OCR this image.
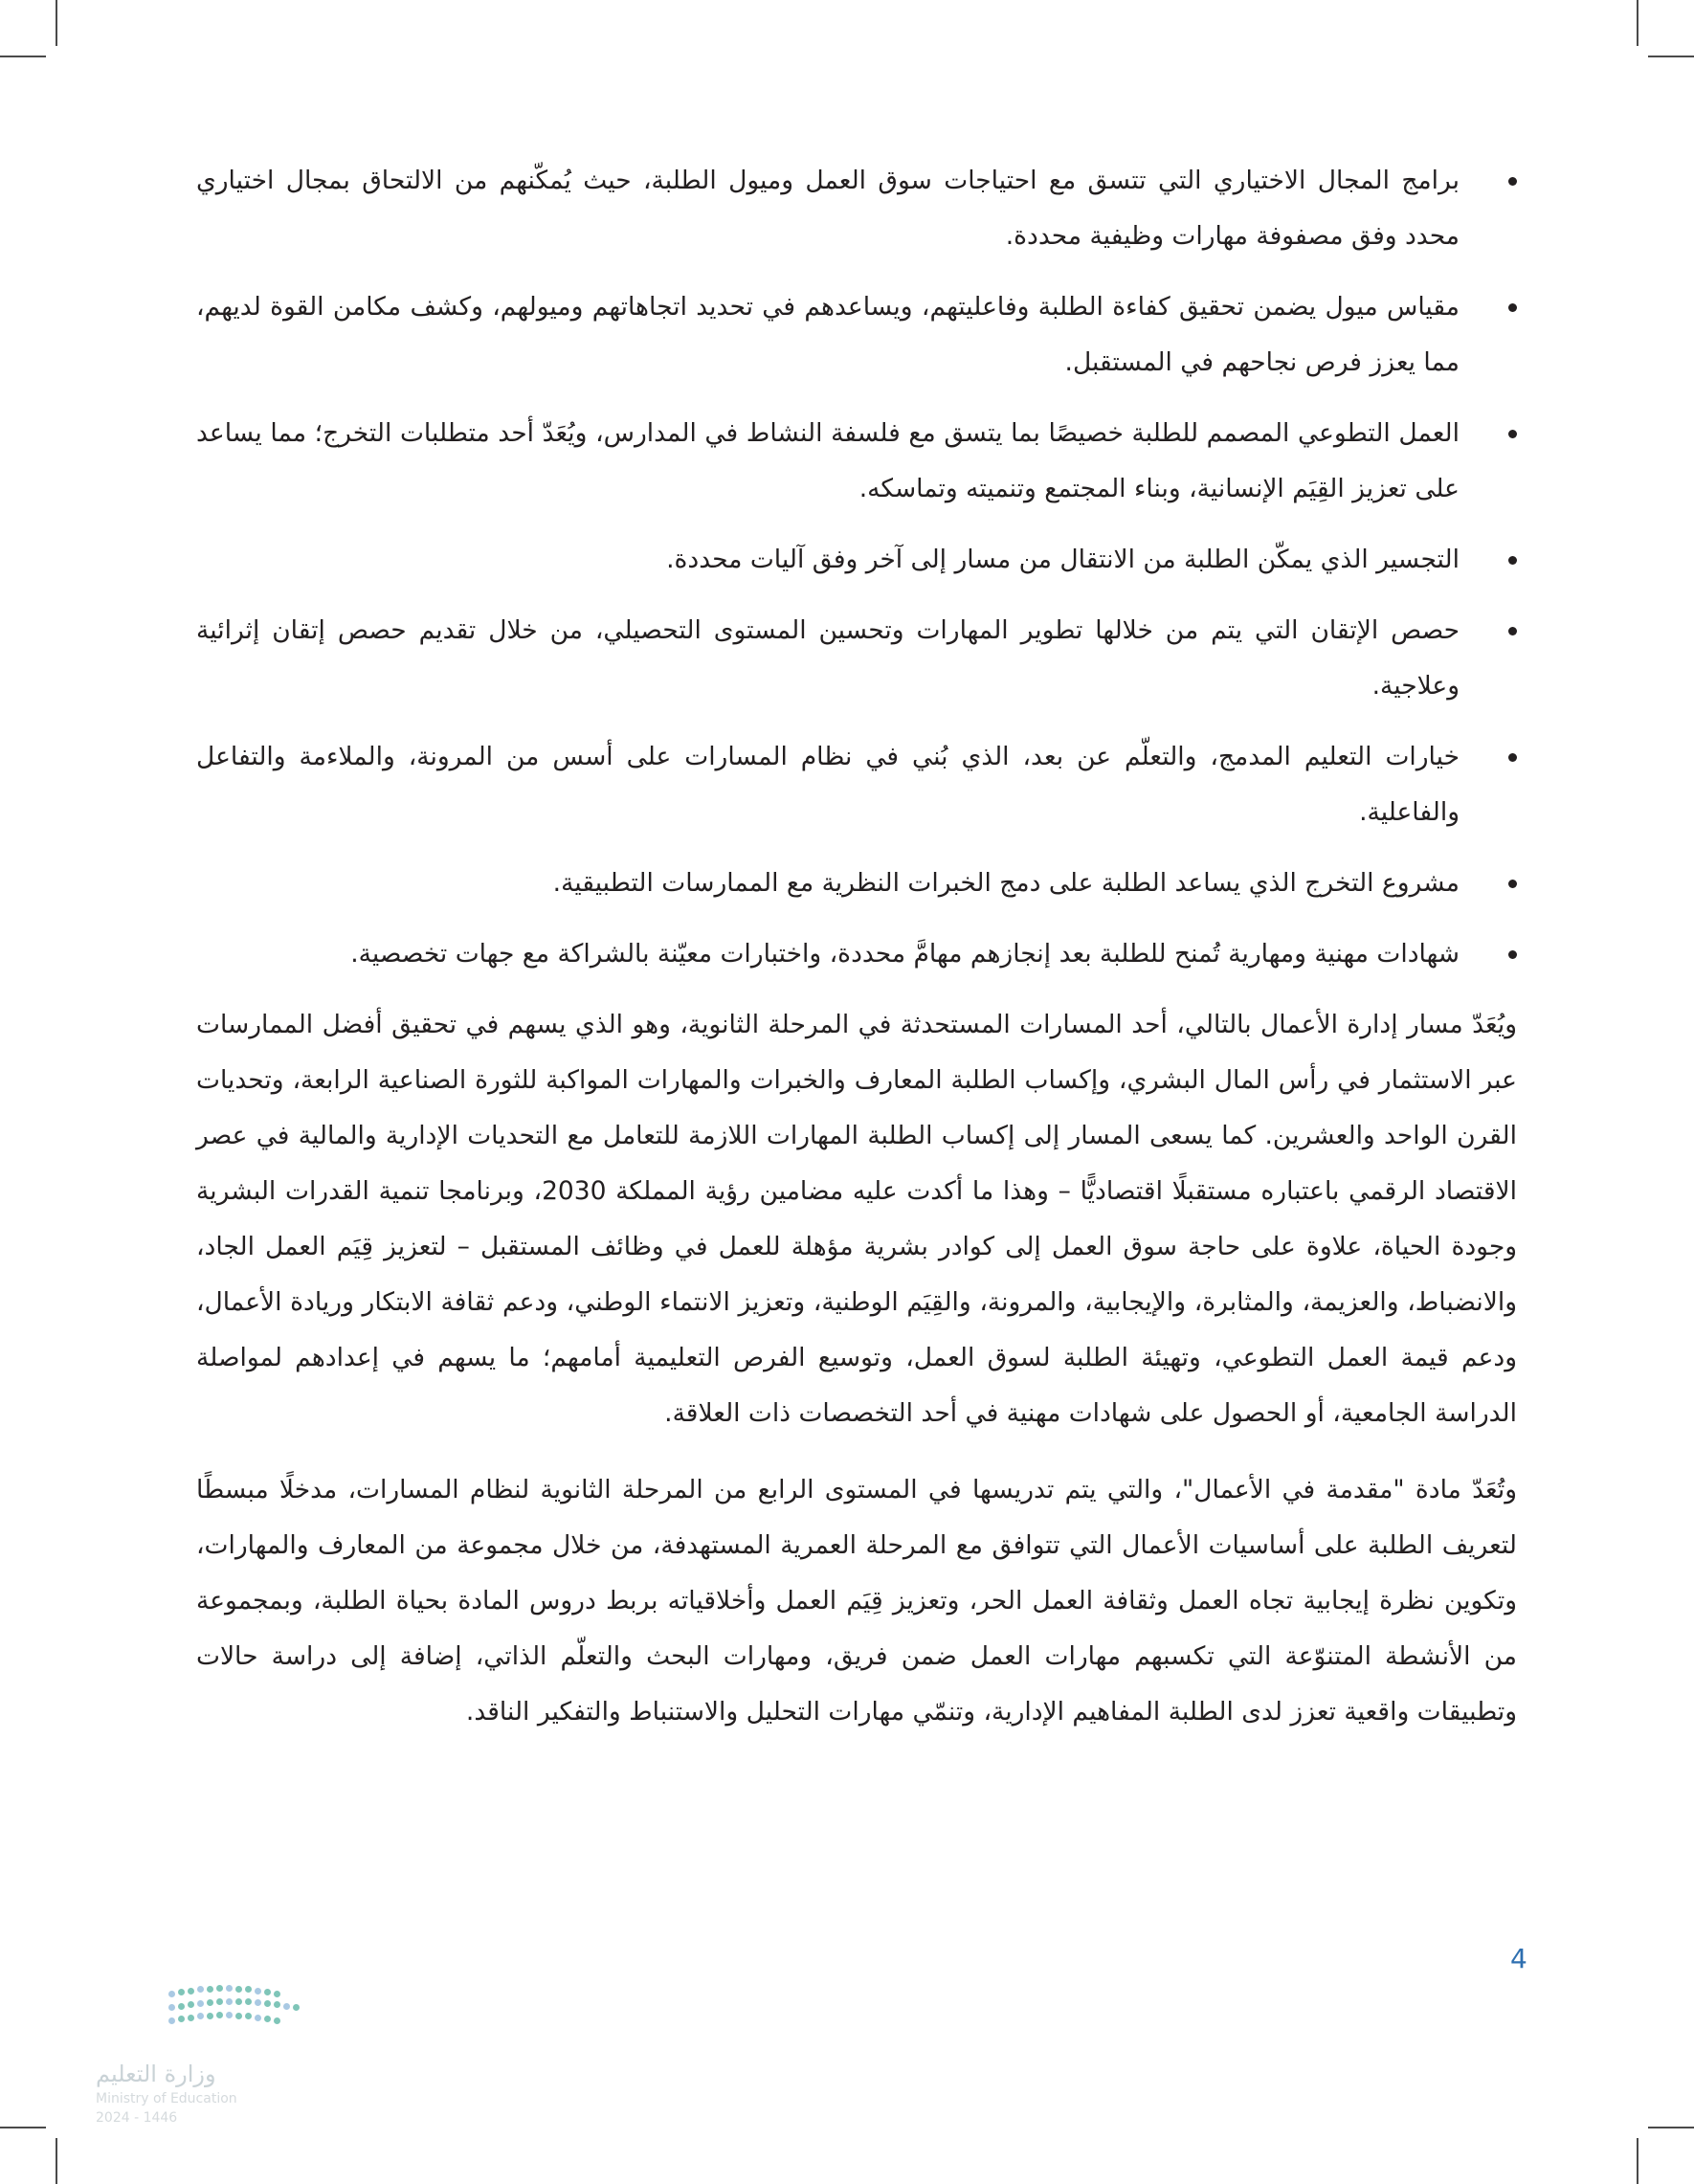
برامج المجال الاختياري التي تتسق مع احتياجات سوق العمل وميول الطلبة، حيث يُمكّنهم من الالتحاق بمجال اختياري محدد وفق مصفوفة مهارات وظيفية محددة.
مقياس ميول يضمن تحقيق كفاءة الطلبة وفاعليتهم، ويساعدهم في تحديد اتجاهاتهم وميولهم، وكشف مكامن القوة لديهم، مما يعزز فرص نجاحهم في المستقبل.
العمل التطوعي المصمم للطلبة خصيصًا بما يتسق مع فلسفة النشاط في المدارس، ويُعَدّ أحد متطلبات التخرج؛ مما يساعد على تعزيز القِيَم الإنسانية، وبناء المجتمع وتنميته وتماسكه.
التجسير الذي يمكّن الطلبة من الانتقال من مسار إلى آخر وفق آليات محددة.
حصص الإتقان التي يتم من خلالها تطوير المهارات وتحسين المستوى التحصيلي، من خلال تقديم حصص إتقان إثرائية وعلاجية.
خيارات التعليم المدمج، والتعلّم عن بعد، الذي بُني في نظام المسارات على أسس من المرونة، والملاءمة والتفاعل والفاعلية.
مشروع التخرج الذي يساعد الطلبة على دمج الخبرات النظرية مع الممارسات التطبيقية.
شهادات مهنية ومهارية تُمنح للطلبة بعد إنجازهم مهامَّ محددة، واختبارات معيّنة بالشراكة مع جهات تخصصية.

ويُعَدّ مسار إدارة الأعمال بالتالي، أحد المسارات المستحدثة في المرحلة الثانوية، وهو الذي يسهم في تحقيق أفضل الممارسات عبر الاستثمار في رأس المال البشري، وإكساب الطلبة المعارف والخبرات والمهارات المواكبة للثورة الصناعية الرابعة، وتحديات القرن الواحد والعشرين. كما يسعى المسار إلى إكساب الطلبة المهارات اللازمة للتعامل مع التحديات الإدارية والمالية في عصر الاقتصاد الرقمي باعتباره مستقبلًا اقتصاديًّا – وهذا ما أكدت عليه مضامين رؤية المملكة 2030، وبرنامجا تنمية القدرات البشرية وجودة الحياة، علاوة على حاجة سوق العمل إلى كوادر بشرية مؤهلة للعمل في وظائف المستقبل – لتعزيز قِيَم العمل الجاد، والانضباط، والعزيمة، والمثابرة، والإيجابية، والمرونة، والقِيَم الوطنية، وتعزيز الانتماء الوطني، ودعم ثقافة الابتكار وريادة الأعمال، ودعم قيمة العمل التطوعي، وتهيئة الطلبة لسوق العمل، وتوسيع الفرص التعليمية أمامهم؛ ما يسهم في إعدادهم لمواصلة الدراسة الجامعية، أو الحصول على شهادات مهنية في أحد التخصصات ذات العلاقة.

وتُعَدّ مادة "مقدمة في الأعمال"، والتي يتم تدريسها في المستوى الرابع من المرحلة الثانوية لنظام المسارات، مدخلًا مبسطًا لتعريف الطلبة على أساسيات الأعمال التي تتوافق مع المرحلة العمرية المستهدفة، من خلال مجموعة من المعارف والمهارات، وتكوين نظرة إيجابية تجاه العمل وثقافة العمل الحر، وتعزيز قِيَم العمل وأخلاقياته بربط دروس المادة بحياة الطلبة، وبمجموعة من الأنشطة المتنوّعة التي تكسبهم مهارات العمل ضمن فريق، ومهارات البحث والتعلّم الذاتي، إضافة إلى دراسة حالات وتطبيقات واقعية تعزز لدى الطلبة المفاهيم الإدارية، وتنمّي مهارات التحليل والاستنباط والتفكير الناقد.

4
وزارة التعليم
Ministry of Education
2024 - 1446
